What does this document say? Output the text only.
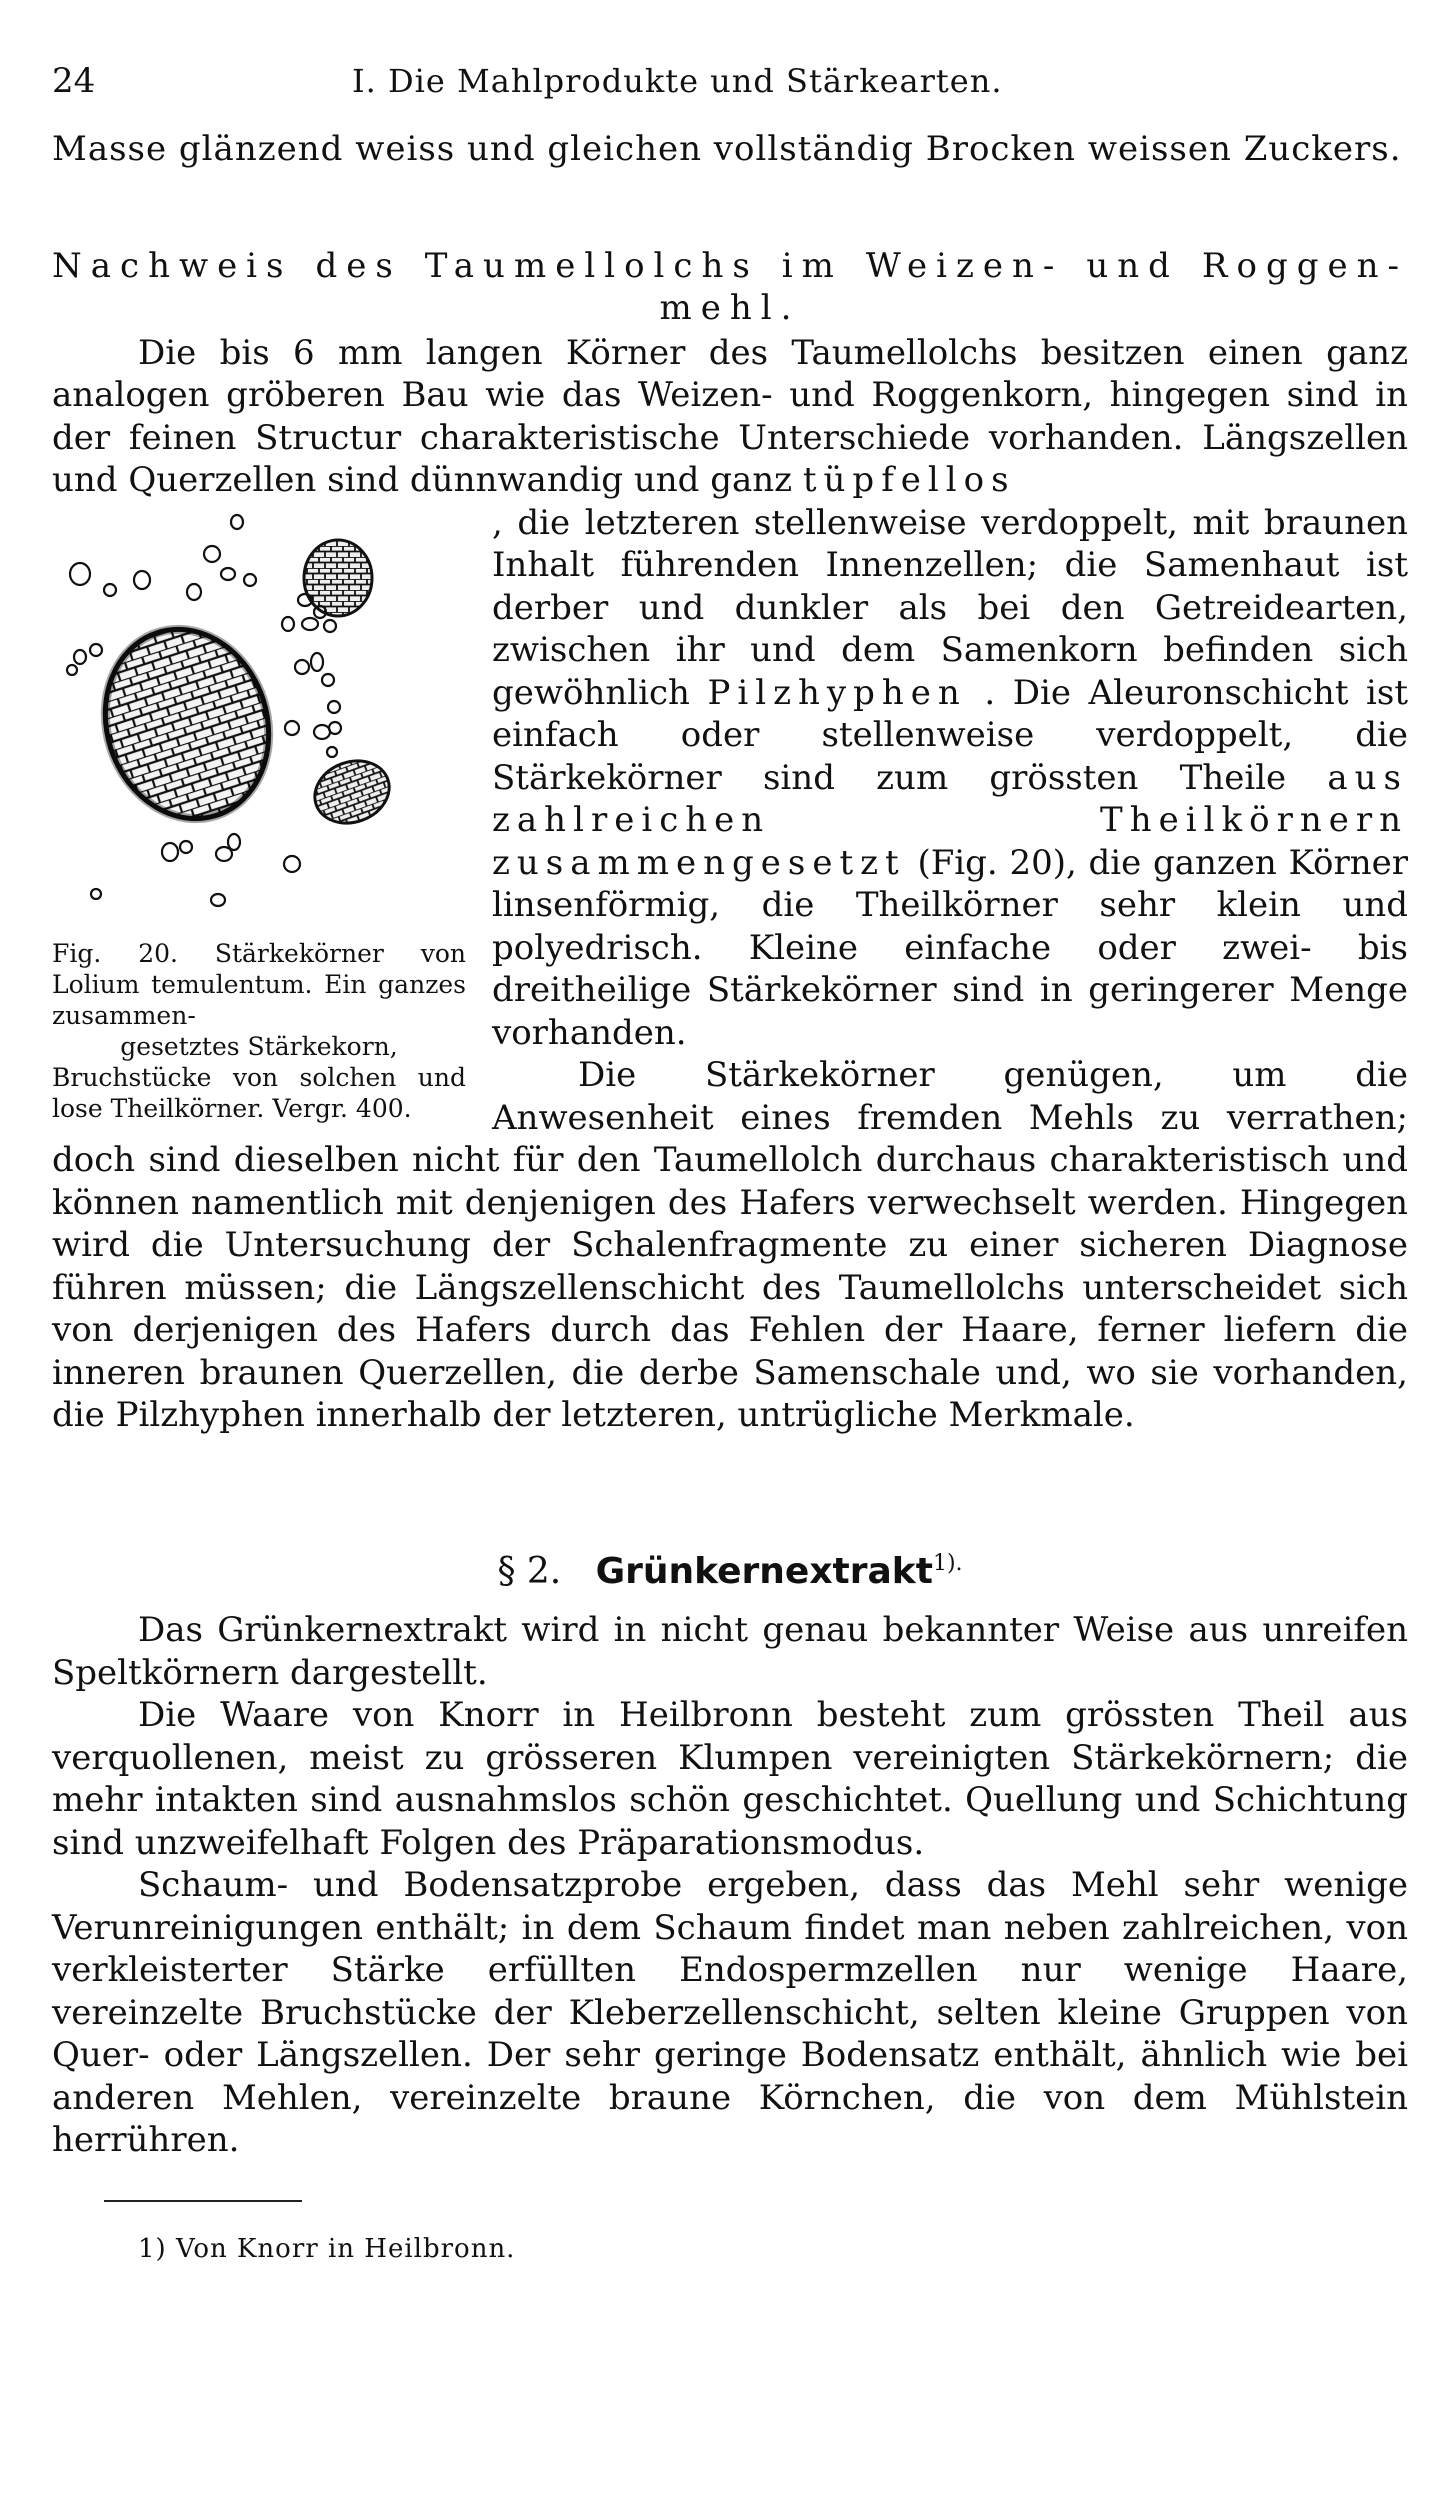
24	I. Die Mahlprodukte und Stärkearten.

Masse glänzend weiss und gleichen vollständig Brocken weissen Zuckers.

Nachweis des Taumellolchs im Weizen- und Roggen-
mehl.

Die bis 6 mm langen Körner des Taumellolchs besitzen einen ganz analogen gröberen Bau wie das Weizen- und Roggenkorn, hingegen sind in der feinen Structur charakteristische Unterschiede vorhanden. Längszellen und Querzellen sind dünnwandig und ganz tüpfellos

Fig. 20. Stärkekörner von Lolium temulentum. Ein ganzes zusammen-
gesetztes Stärkekorn,
Bruchstücke von solchen und lose Theilkörner. Vergr. 400.

, die letzteren stellenweise verdoppelt, mit braunen Inhalt führenden Innenzellen; die Samenhaut ist derber und dunkler als bei den Getreidearten, zwischen ihr und dem Samenkorn befinden sich gewöhnlich Pilzhyphen . Die Aleuronschicht ist einfach oder stellenweise verdoppelt, die Stärkekörner sind zum grössten Theile aus zahlreichen Theilkörnern zusammengesetzt (Fig. 20), die ganzen Körner linsenförmig, die Theilkörner sehr klein und polyedrisch. Kleine einfache oder zwei- bis dreitheilige Stärkekörner sind in geringerer Menge vorhanden.

Die Stärkekörner genügen, um die Anwesenheit eines fremden Mehls zu verrathen; doch sind dieselben nicht für den Taumellolch durchaus charakteristisch und können namentlich mit denjenigen des Hafers verwechselt werden. Hingegen wird die Untersuchung der Schalenfragmente zu einer sicheren Diagnose führen müssen; die Längszellenschicht des Taumellolchs unterscheidet sich von derjenigen des Hafers durch das Fehlen der Haare, ferner liefern die inneren braunen Querzellen, die derbe Samenschale und, wo sie vorhanden, die Pilzhyphen innerhalb der letzteren, untrügliche Merkmale.

§ 2. Grünkernextrakt$^{1).}$

Das Grünkernextrakt wird in nicht genau bekannter Weise aus unreifen Speltkörnern dargestellt.

Die Waare von Knorr in Heilbronn besteht zum grössten Theil aus verquollenen, meist zu grösseren Klumpen vereinigten Stärkekörnern; die mehr intakten sind ausnahmslos schön geschichtet. Quellung und Schichtung sind unzweifelhaft Folgen des Präparationsmodus.

Schaum- und Bodensatzprobe ergeben, dass das Mehl sehr wenige Verunreinigungen enthält; in dem Schaum findet man neben zahlreichen, von verkleisterter Stärke erfüllten Endospermzellen nur wenige Haare, vereinzelte Bruchstücke der Kleberzellenschicht, selten kleine Gruppen von Quer- oder Längszellen. Der sehr geringe Bodensatz enthält, ähnlich wie bei anderen Mehlen, vereinzelte braune Körnchen, die von dem Mühlstein herrühren.

1) Von Knorr in Heilbronn.
